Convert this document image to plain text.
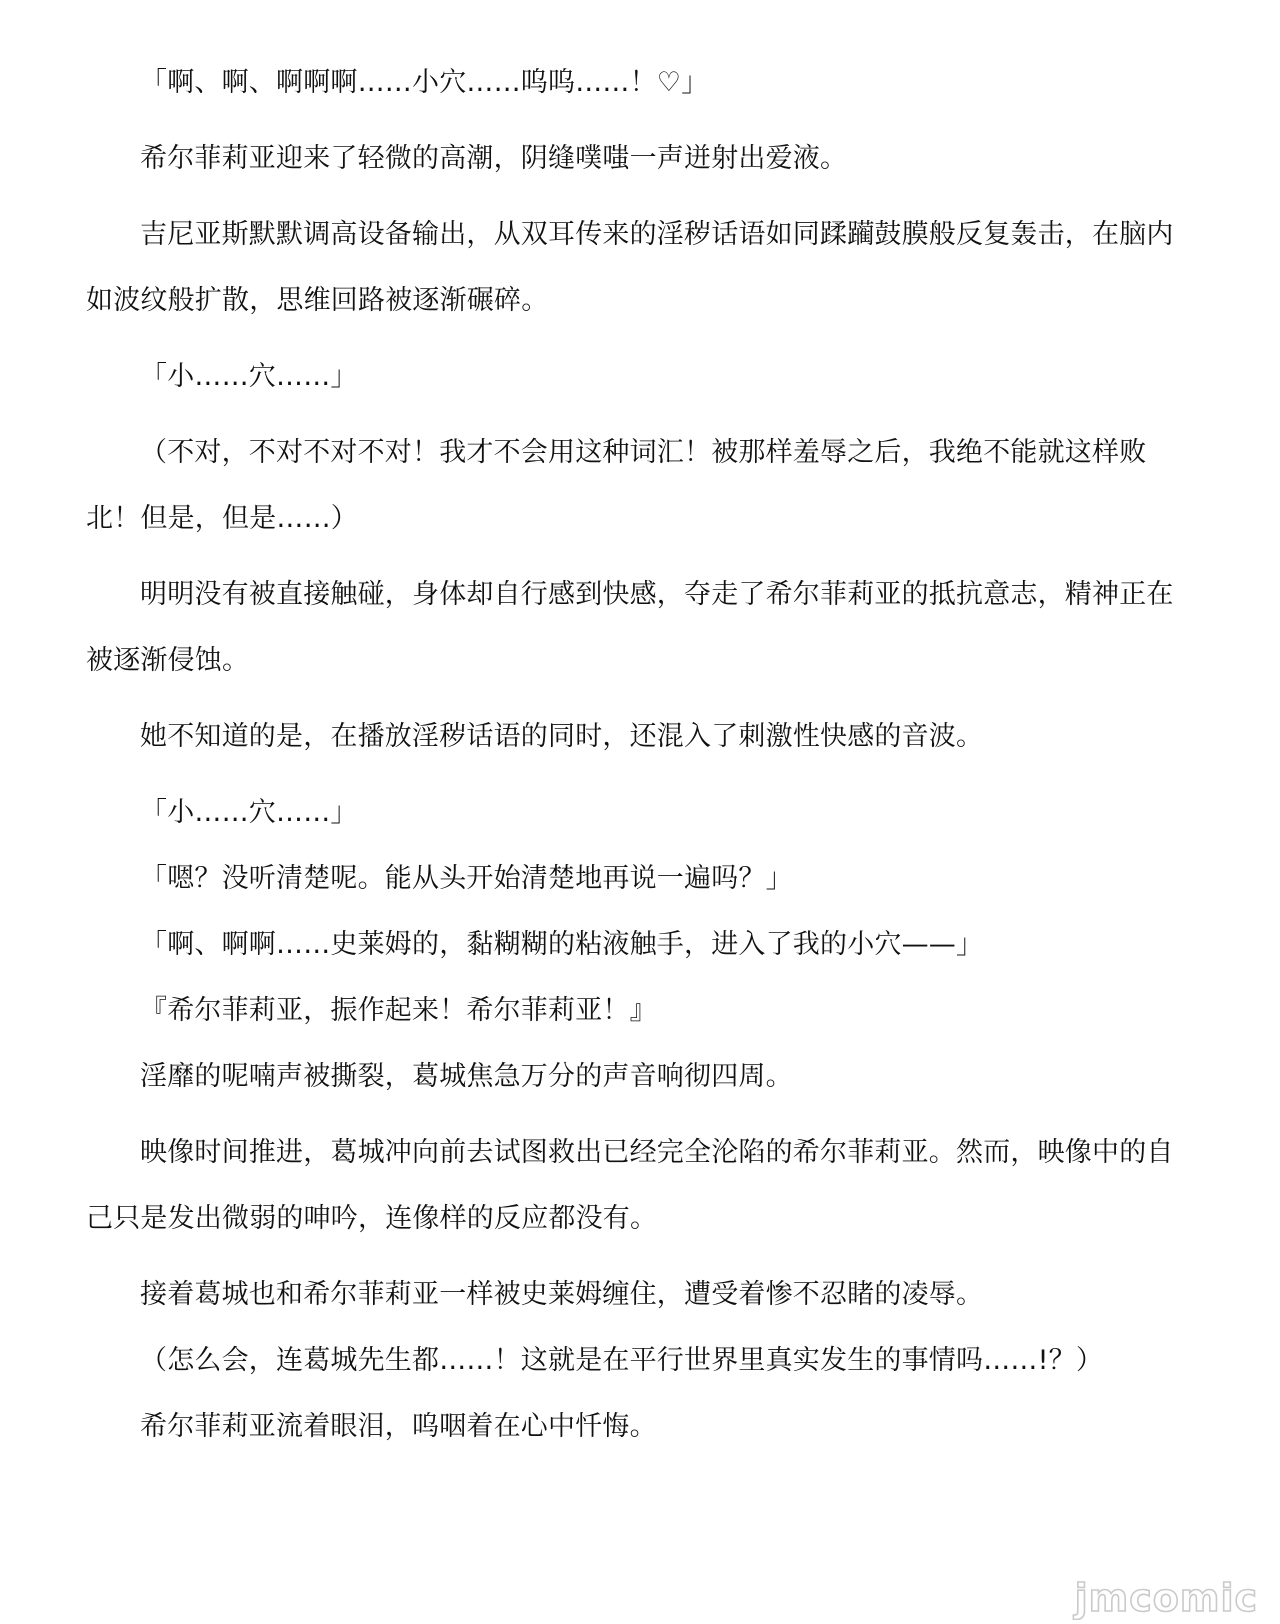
「啊、啊、啊啊啊……小穴……呜呜……！♡」

希尔菲莉亚迎来了轻微的高潮，阴缝噗嗤一声迸射出爱液。

吉尼亚斯默默调高设备输出，从双耳传来的淫秽话语如同蹂躏鼓膜般反复轰击，在脑内如波纹般扩散，思维回路被逐渐碾碎。

「小……穴……」

（不对，不对不对不对！我才不会用这种词汇！被那样羞辱之后，我绝不能就这样败北！但是，但是……）

明明没有被直接触碰，身体却自行感到快感，夺走了希尔菲莉亚的抵抗意志，精神正在被逐渐侵蚀。

她不知道的是，在播放淫秽话语的同时，还混入了刺激性快感的音波。

「小……穴……」

「嗯？没听清楚呢。能从头开始清楚地再说一遍吗？」

「啊、啊啊……史莱姆的，黏糊糊的粘液触手，进入了我的小穴——」

『希尔菲莉亚，振作起来！希尔菲莉亚！』

淫靡的呢喃声被撕裂，葛城焦急万分的声音响彻四周。

映像时间推进，葛城冲向前去试图救出已经完全沦陷的希尔菲莉亚。然而，映像中的自己只是发出微弱的呻吟，连像样的反应都没有。

接着葛城也和希尔菲莉亚一样被史莱姆缠住，遭受着惨不忍睹的凌辱。

（怎么会，连葛城先生都……！这就是在平行世界里真实发生的事情吗……!？）

希尔菲莉亚流着眼泪，呜咽着在心中忏悔。

jmcomic
